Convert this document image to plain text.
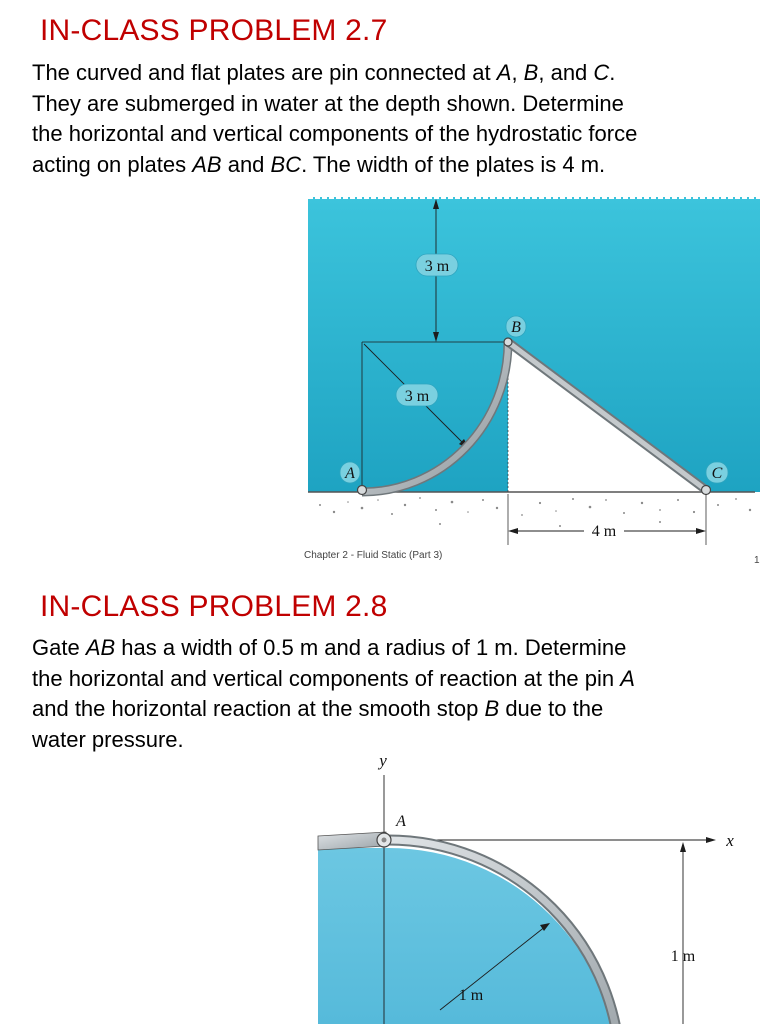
IN-CLASS PROBLEM 2.7
The curved and flat plates are pin connected at A, B, and C.
They are submerged in water at the depth shown. Determine
the horizontal and vertical components of the hydrostatic force
acting on plates AB and BC. The width of the plates is 4 m.
3 m
3 m
A
B
C
4 m
Chapter 2 - Fluid Static (Part 3)	1
IN-CLASS PROBLEM 2.8
Gate AB has a width of 0.5 m and a radius of 1 m. Determine
the horizontal and vertical components of reaction at the pin A
and the horizontal reaction at the smooth stop B due to the
water pressure.
x
y
A
1 m
1 m
